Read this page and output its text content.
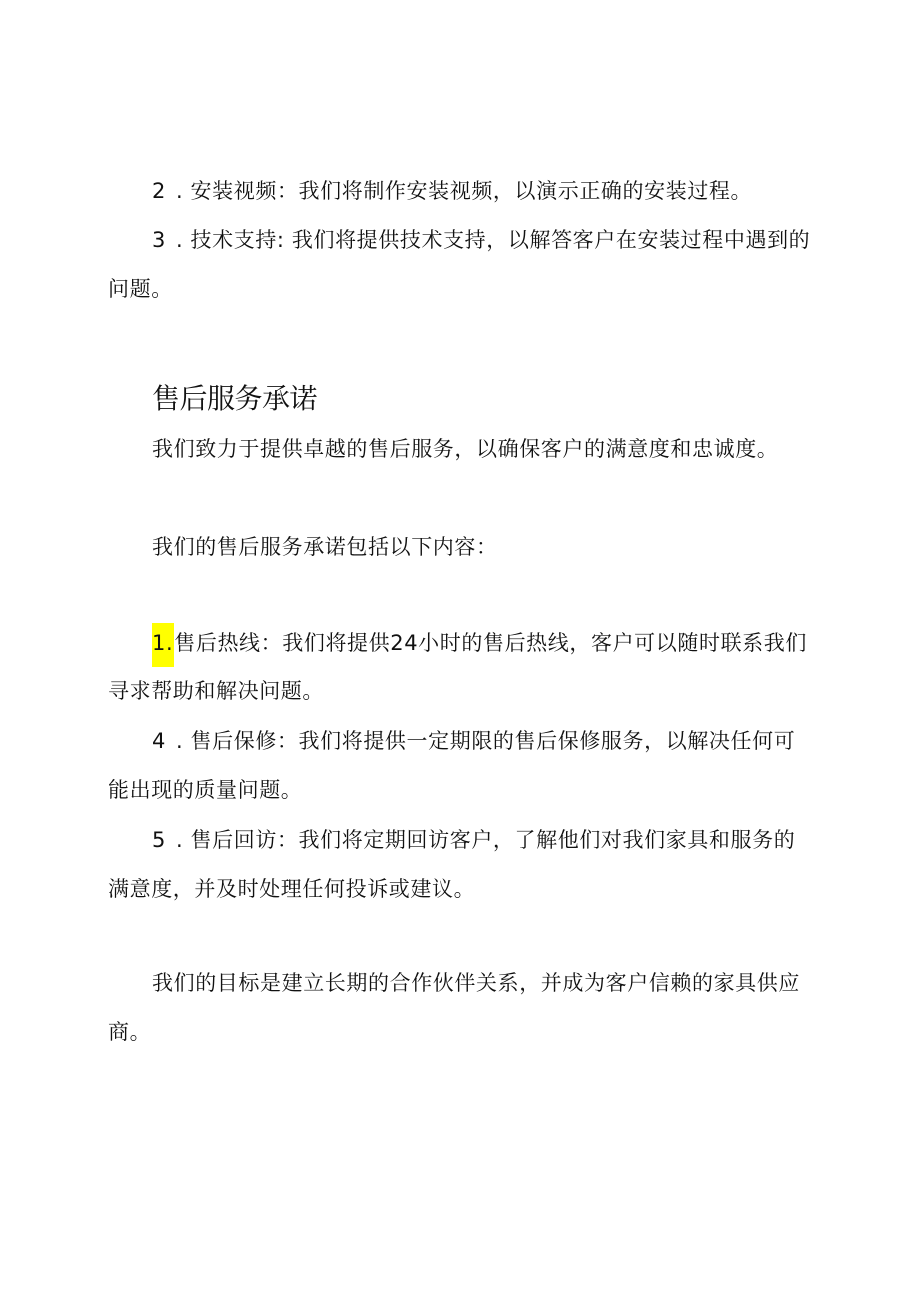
2 . 安装视频：我们将制作安装视频，以演示正确的安装过程。
3 . 技术支持: 我们将提供技术支持，以解答客户在安装过程中遇到的
问题。
售后服务承诺
我们致力于提供卓越的售后服务，以确保客户的满意度和忠诚度。
我们的售后服务承诺包括以下内容：
1.售后热线：我们将提供24小时的售后热线，客户可以随时联系我们
寻求帮助和解决问题。
4 . 售后保修：我们将提供一定期限的售后保修服务，以解决任何可
能出现的质量问题。
5 . 售后回访：我们将定期回访客户，了解他们对我们家具和服务的
满意度，并及时处理任何投诉或建议。
我们的目标是建立长期的合作伙伴关系，并成为客户信赖的家具供应
商。
